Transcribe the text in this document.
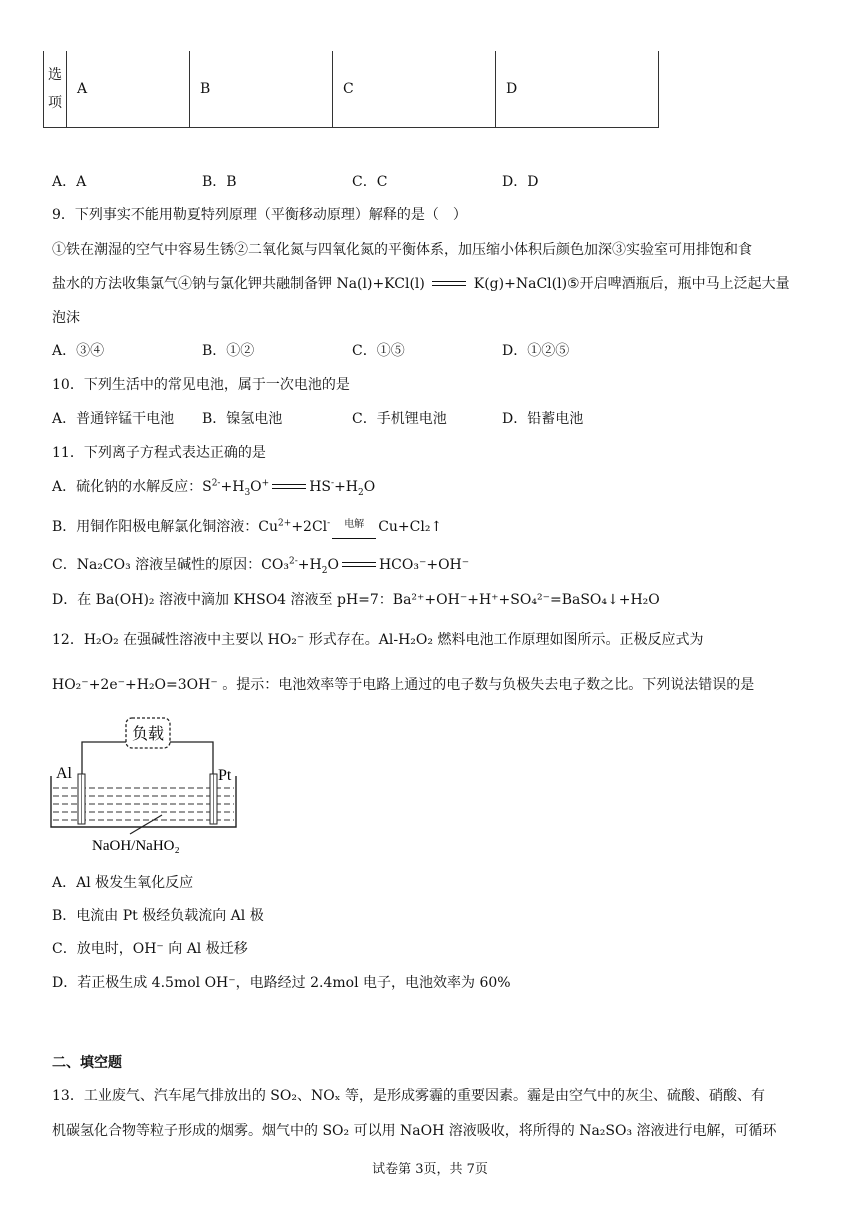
选
项	A	B	C	D
A．A	B．B	C．C	D．D
9．下列事实不能用勒夏特列原理（平衡移动原理）解释的是（　）
①铁在潮湿的空气中容易生锈②二氧化氮与四氧化氮的平衡体系，加压缩小体积后颜色加深③实验室可用排饱和食
盐水的方法收集氯气④钠与氯化钾共融制备钾 Na(l)+KCl(l)	K(g)+NaCl(l)⑤开启啤酒瓶后，瓶中马上泛起大量
泡沫
A．③④	B．①②	C．①⑤	D．①②⑤
10．下列生活中的常见电池，属于一次电池的是
A．普通锌锰干电池 B．镍氢电池	C．手机锂电池	D．铅蓄电池
11．下列离子方程式表达正确的是
A．硫化钠的水解反应：$S^{2-}+H_3O^+$	$HS^-+H_2O$
B．用铜作阳极电解氯化铜溶液：$Cu^{2+}+2Cl^-$ 电解 Cu+Cl₂↑
C．Na₂CO₃ 溶液呈碱性的原因：$CO_3^{2-}+H_2O$	HCO₃⁻+OH⁻
D．在 Ba(OH)₂ 溶液中滴加 KHSO4 溶液至 pH=7：Ba²⁺+OH⁻+H⁺+SO₄²⁻=BaSO₄↓+H₂O
12．H₂O₂ 在强碱性溶液中主要以 HO₂⁻ 形式存在。Al-H₂O₂ 燃料电池工作原理如图所示。正极反应式为
HO₂⁻+2e⁻+H₂O=3OH⁻ 。提示：电池效率等于电路上通过的电子数与负极失去电子数之比。下列说法错误的是
负载
Al	Pt
NaOH/NaHO₂
A．Al 极发生氧化反应
B．电流由 Pt 极经负载流向 Al 极
C．放电时，OH⁻ 向 Al 极迁移
D．若正极生成 4.5mol OH⁻，电路经过 2.4mol 电子，电池效率为 60%
二、填空题
13．工业废气、汽车尾气排放出的 SO₂、NOₓ 等，是形成雾霾的重要因素。霾是由空气中的灰尘、硫酸、硝酸、有
机碳氢化合物等粒子形成的烟雾。烟气中的 SO₂ 可以用 NaOH 溶液吸收，将所得的 Na₂SO₃ 溶液进行电解，可循环
试卷第 3页，共 7页
